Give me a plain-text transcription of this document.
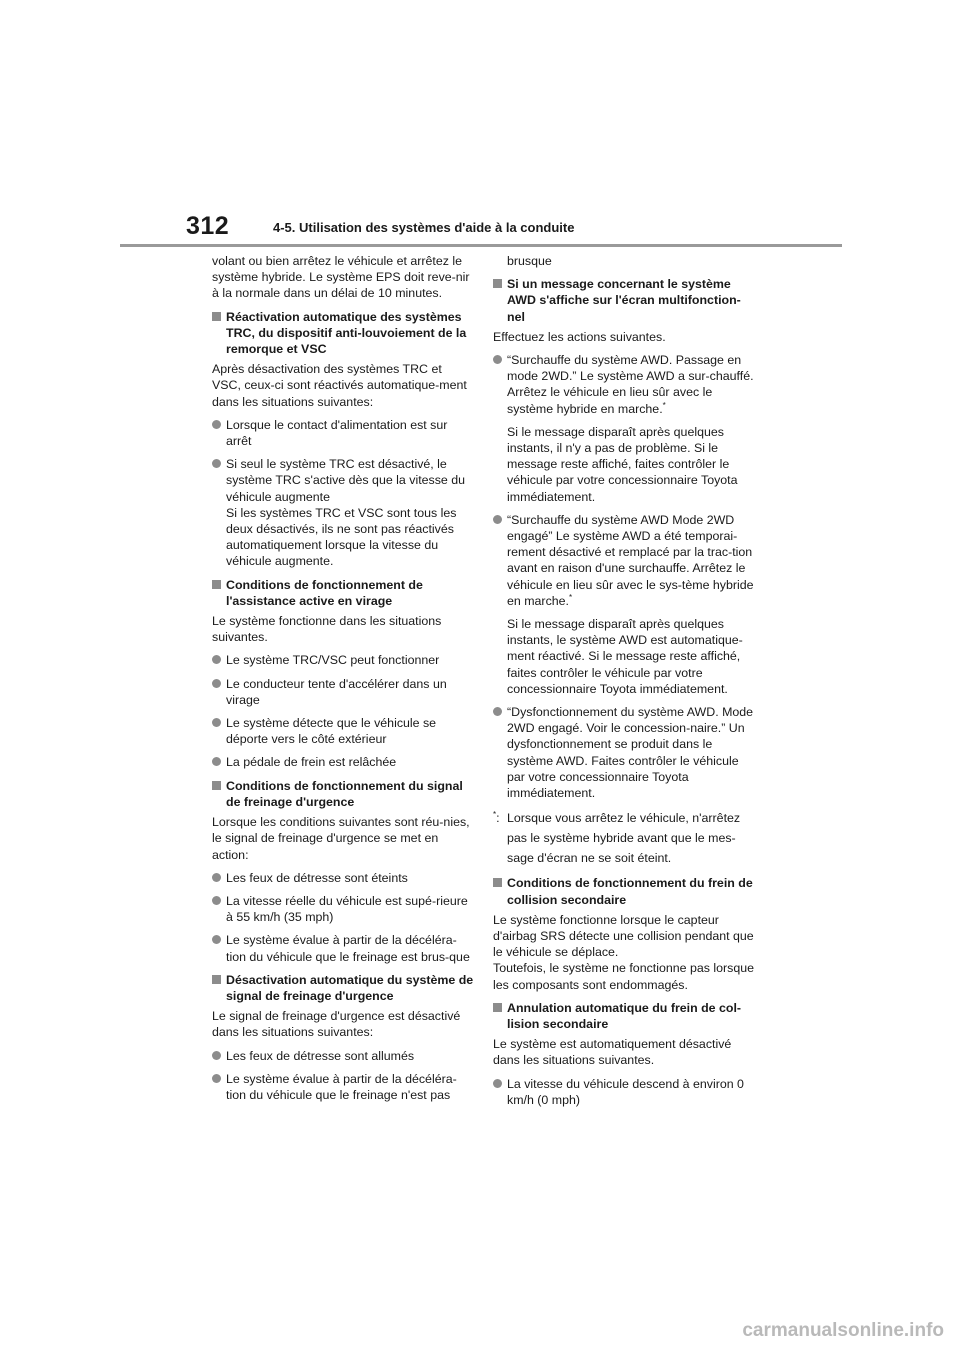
312	4-5. Utilisation des systèmes d'aide à la conduite

volant ou bien arrêtez le véhicule et arrêtez le système hybride. Le système EPS doit reve-nir à la normale dans un délai de 10 minutes.

Réactivation automatique des systèmes TRC, du dispositif anti-louvoiement de la remorque et VSC

Après désactivation des systèmes TRC et VSC, ceux-ci sont réactivés automatique-ment dans les situations suivantes:

Lorsque le contact d'alimentation est sur arrêt
Si seul le système TRC est désactivé, le système TRC s'active dès que la vitesse du véhicule augmente
Si les systèmes TRC et VSC sont tous les deux désactivés, ils ne sont pas réactivés automatiquement lorsque la vitesse du véhicule augmente.
Conditions de fonctionnement de l'assistance active en virage

Le système fonctionne dans les situations suivantes.

Le système TRC/VSC peut fonctionner
Le conducteur tente d'accélérer dans un virage
Le système détecte que le véhicule se déporte vers le côté extérieur
La pédale de frein est relâchée
Conditions de fonctionnement du signal de freinage d'urgence

Lorsque les conditions suivantes sont réu-nies, le signal de freinage d'urgence se met en action:

Les feux de détresse sont éteints
La vitesse réelle du véhicule est supé-rieure à 55 km/h (35 mph)
Le système évalue à partir de la décéléra-tion du véhicule que le freinage est brus-que
Désactivation automatique du système de signal de freinage d'urgence

Le signal de freinage d'urgence est désactivé dans les situations suivantes:

Les feux de détresse sont allumés
Le système évalue à partir de la décéléra-tion du véhicule que le freinage n'est pas

brusque

Si un message concernant le système AWD s'affiche sur l'écran multifonction-nel

Effectuez les actions suivantes.

“Surchauffe du système AWD. Passage en mode 2WD.” Le système AWD a sur-chauffé. Arrêtez le véhicule en lieu sûr avec le système hybride en marche.*

Si le message disparaît après quelques instants, il n'y a pas de problème. Si le message reste affiché, faites contrôler le véhicule par votre concessionnaire Toyota immédiatement.

“Surchauffe du système AWD Mode 2WD engagé” Le système AWD a été temporai-rement désactivé et remplacé par la trac-tion avant en raison d'une surchauffe. Arrêtez le véhicule en lieu sûr avec le sys-tème hybride en marche.*

Si le message disparaît après quelques instants, le système AWD est automatique-ment réactivé. Si le message reste affiché, faites contrôler le véhicule par votre concessionnaire Toyota immédiatement.

“Dysfonctionnement du système AWD. Mode 2WD engagé. Voir le concession-naire.” Un dysfonctionnement se produit dans le système AWD. Faites contrôler le véhicule par votre concessionnaire Toyota immédiatement.
*: Lorsque vous arrêtez le véhicule, n'arrêtez pas le système hybride avant que le mes-sage d'écran ne se soit éteint.
Conditions de fonctionnement du frein de collision secondaire

Le système fonctionne lorsque le capteur d'airbag SRS détecte une collision pendant que le véhicule se déplace.
Toutefois, le système ne fonctionne pas lorsque les composants sont endommagés.

Annulation automatique du frein de col-lision secondaire

Le système est automatiquement désactivé dans les situations suivantes.

La vitesse du véhicule descend à environ 0 km/h (0 mph)
carmanualsonline.info
